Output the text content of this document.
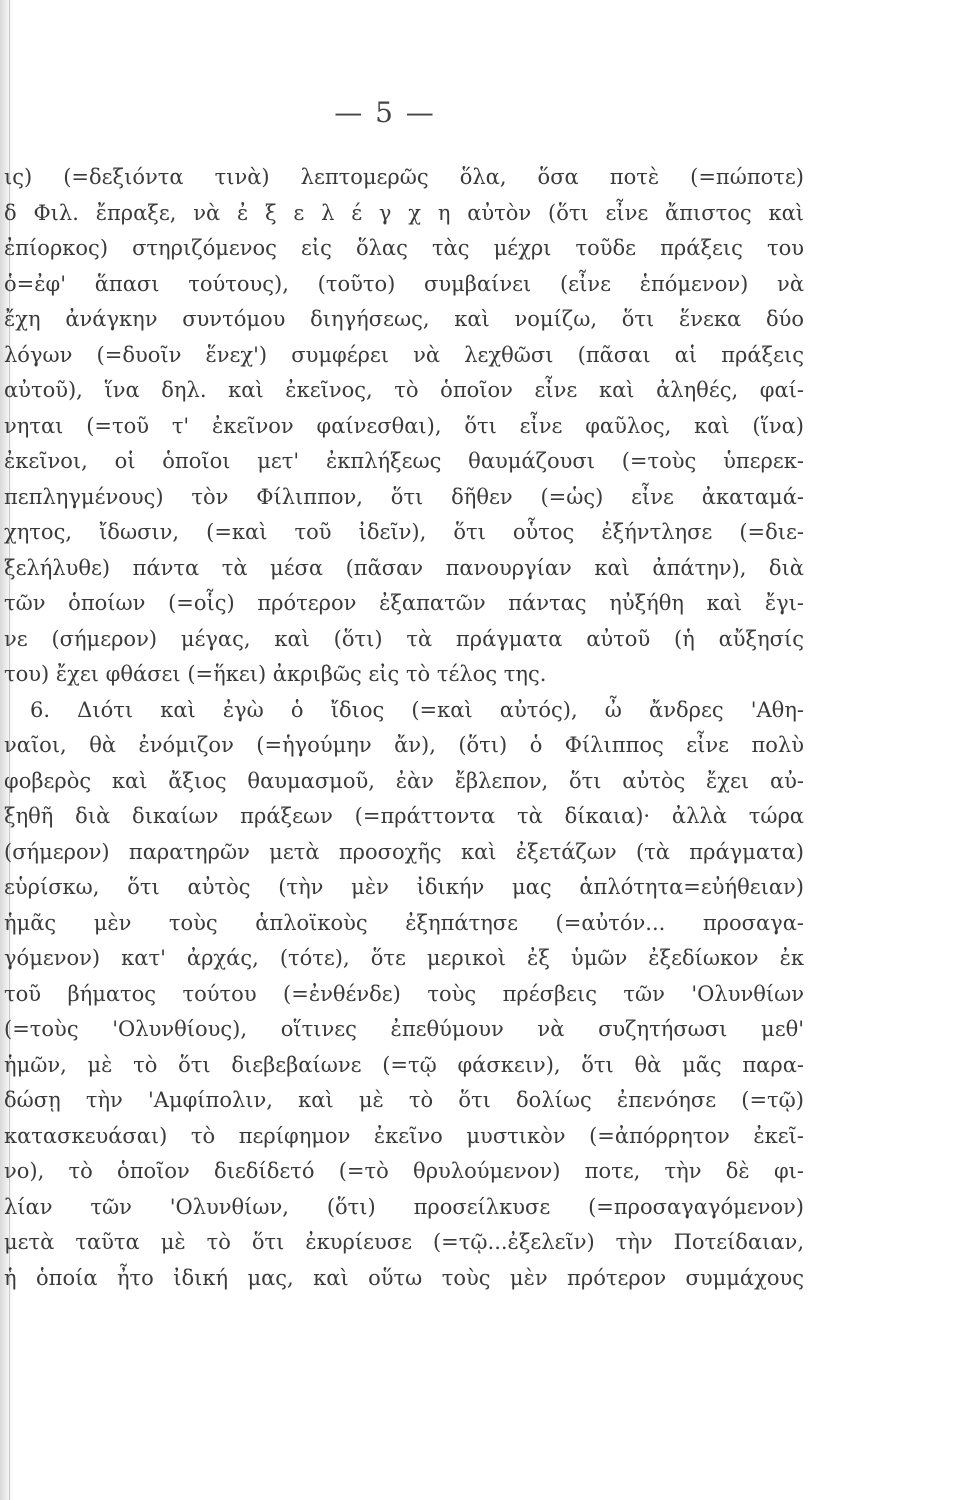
— 5 —
ις) (=δεξιόντα τινὰ) λεπτομερῶς ὅλα, ὅσα ποτὲ (=πώποτε)
δ Φιλ. ἔπραξε, νὰ ἐ ξ ε λ έ γ χ η αὐτὸν (ὅτι εἶνε ἄπιστος καὶ
ἐπίορκος) στηριζόμενος εἰς ὅλας τὰς μέχρι τοῦδε πράξεις του
ὁ=ἐφ' ἅπασι τούτους), (τοῦτο) συμβαίνει (εἶνε ἑπόμενον) νὰ
ἔχη ἀνάγκην συντόμου διηγήσεως, καὶ νομίζω, ὅτι ἕνεκα δύο
λόγων (=δυοῖν ἕνεχ') συμφέρει νὰ λεχθῶσι (πᾶσαι αἱ πράξεις
αὐτοῦ), ἵνα δηλ. καὶ ἐκεῖνος, τὸ ὁποῖον εἶνε καὶ ἀληθές, φαί-
νηται (=τοῦ τ' ἐκεῖνον φαίνεσθαι), ὅτι εἶνε φαῦλος, καὶ (ἵνα)
ἐκεῖνοι, οἱ ὁποῖοι μετ' ἐκπλήξεως θαυμάζουσι (=τοὺς ὑπερεκ-
πεπληγμένους) τὸν Φίλιππον, ὅτι δῆθεν (=ὡς) εἶνε ἀκαταμά-
χητος, ἴδωσιν, (=καὶ τοῦ ἰδεῖν), ὅτι οὗτος ἐξήντλησε (=διε-
ξελήλυθε) πάντα τὰ μέσα (πᾶσαν πανουργίαν καὶ ἀπάτην), διὰ
τῶν ὁποίων (=οἷς) πρότερον ἐξαπατῶν πάντας ηὐξήθη καὶ ἔγι-
νε (σήμερον) μέγας, καὶ (ὅτι) τὰ πράγματα αὐτοῦ (ἡ αὔξησίς
του) ἔχει φθάσει (=ἥκει) ἀκριβῶς εἰς τὸ τέλος της.
6. Διότι καὶ ἐγὼ ὁ ἴδιος (=καὶ αὐτός), ὦ ἄνδρες 'Αθη-
ναῖοι, θὰ ἐνόμιζον (=ἡγούμην ἄν), (ὅτι) ὁ Φίλιππος εἶνε πολὺ
φοβερὸς καὶ ἄξιος θαυμασμοῦ, ἐὰν ἔβλεπον, ὅτι αὐτὸς ἔχει αὐ-
ξηθῆ διὰ δικαίων πράξεων (=πράττοντα τὰ δίκαια)· ἀλλὰ τώρα
(σήμερον) παρατηρῶν μετὰ προσοχῆς καὶ ἐξετάζων (τὰ πράγματα)
εὑρίσκω, ὅτι αὐτὸς (τὴν μὲν ἰδικήν μας ἁπλότητα=εὐήθειαν)
ἡμᾶς μὲν τοὺς ἁπλοϊκοὺς ἐξηπάτησε (=αὐτόν... προσαγα-
γόμενον) κατ' ἀρχάς, (τότε), ὅτε μερικοὶ ἐξ ὑμῶν ἐξεδίωκον ἐκ
τοῦ βήματος τούτου (=ἐνθένδε) τοὺς πρέσβεις τῶν 'Ολυνθίων
(=τοὺς 'Ολυνθίους), οἵτινες ἐπεθύμουν νὰ συζητήσωσι μεθ'
ἡμῶν, μὲ τὸ ὅτι διεβεβαίωνε (=τῷ φάσκειν), ὅτι θὰ μᾶς παρα-
δώσῃ τὴν 'Αμφίπολιν, καὶ μὲ τὸ ὅτι δολίως ἐπενόησε (=τῷ)
κατασκευάσαι) τὸ περίφημον ἐκεῖνο μυστικὸν (=ἀπόρρητον ἐκεῖ-
νο), τὸ ὁποῖον διεδίδετό (=τὸ θρυλούμενον) ποτε, τὴν δὲ φι-
λίαν τῶν 'Ολυνθίων, (ὅτι) προσείλκυσε (=προσαγαγόμενον)
μετὰ ταῦτα μὲ τὸ ὅτι ἐκυρίευσε (=τῷ...ἐξελεῖν) τὴν Ποτείδαιαν,
ἡ ὁποία ἦτο ἰδική μας, καὶ οὕτω τοὺς μὲν πρότερον συμμάχους
